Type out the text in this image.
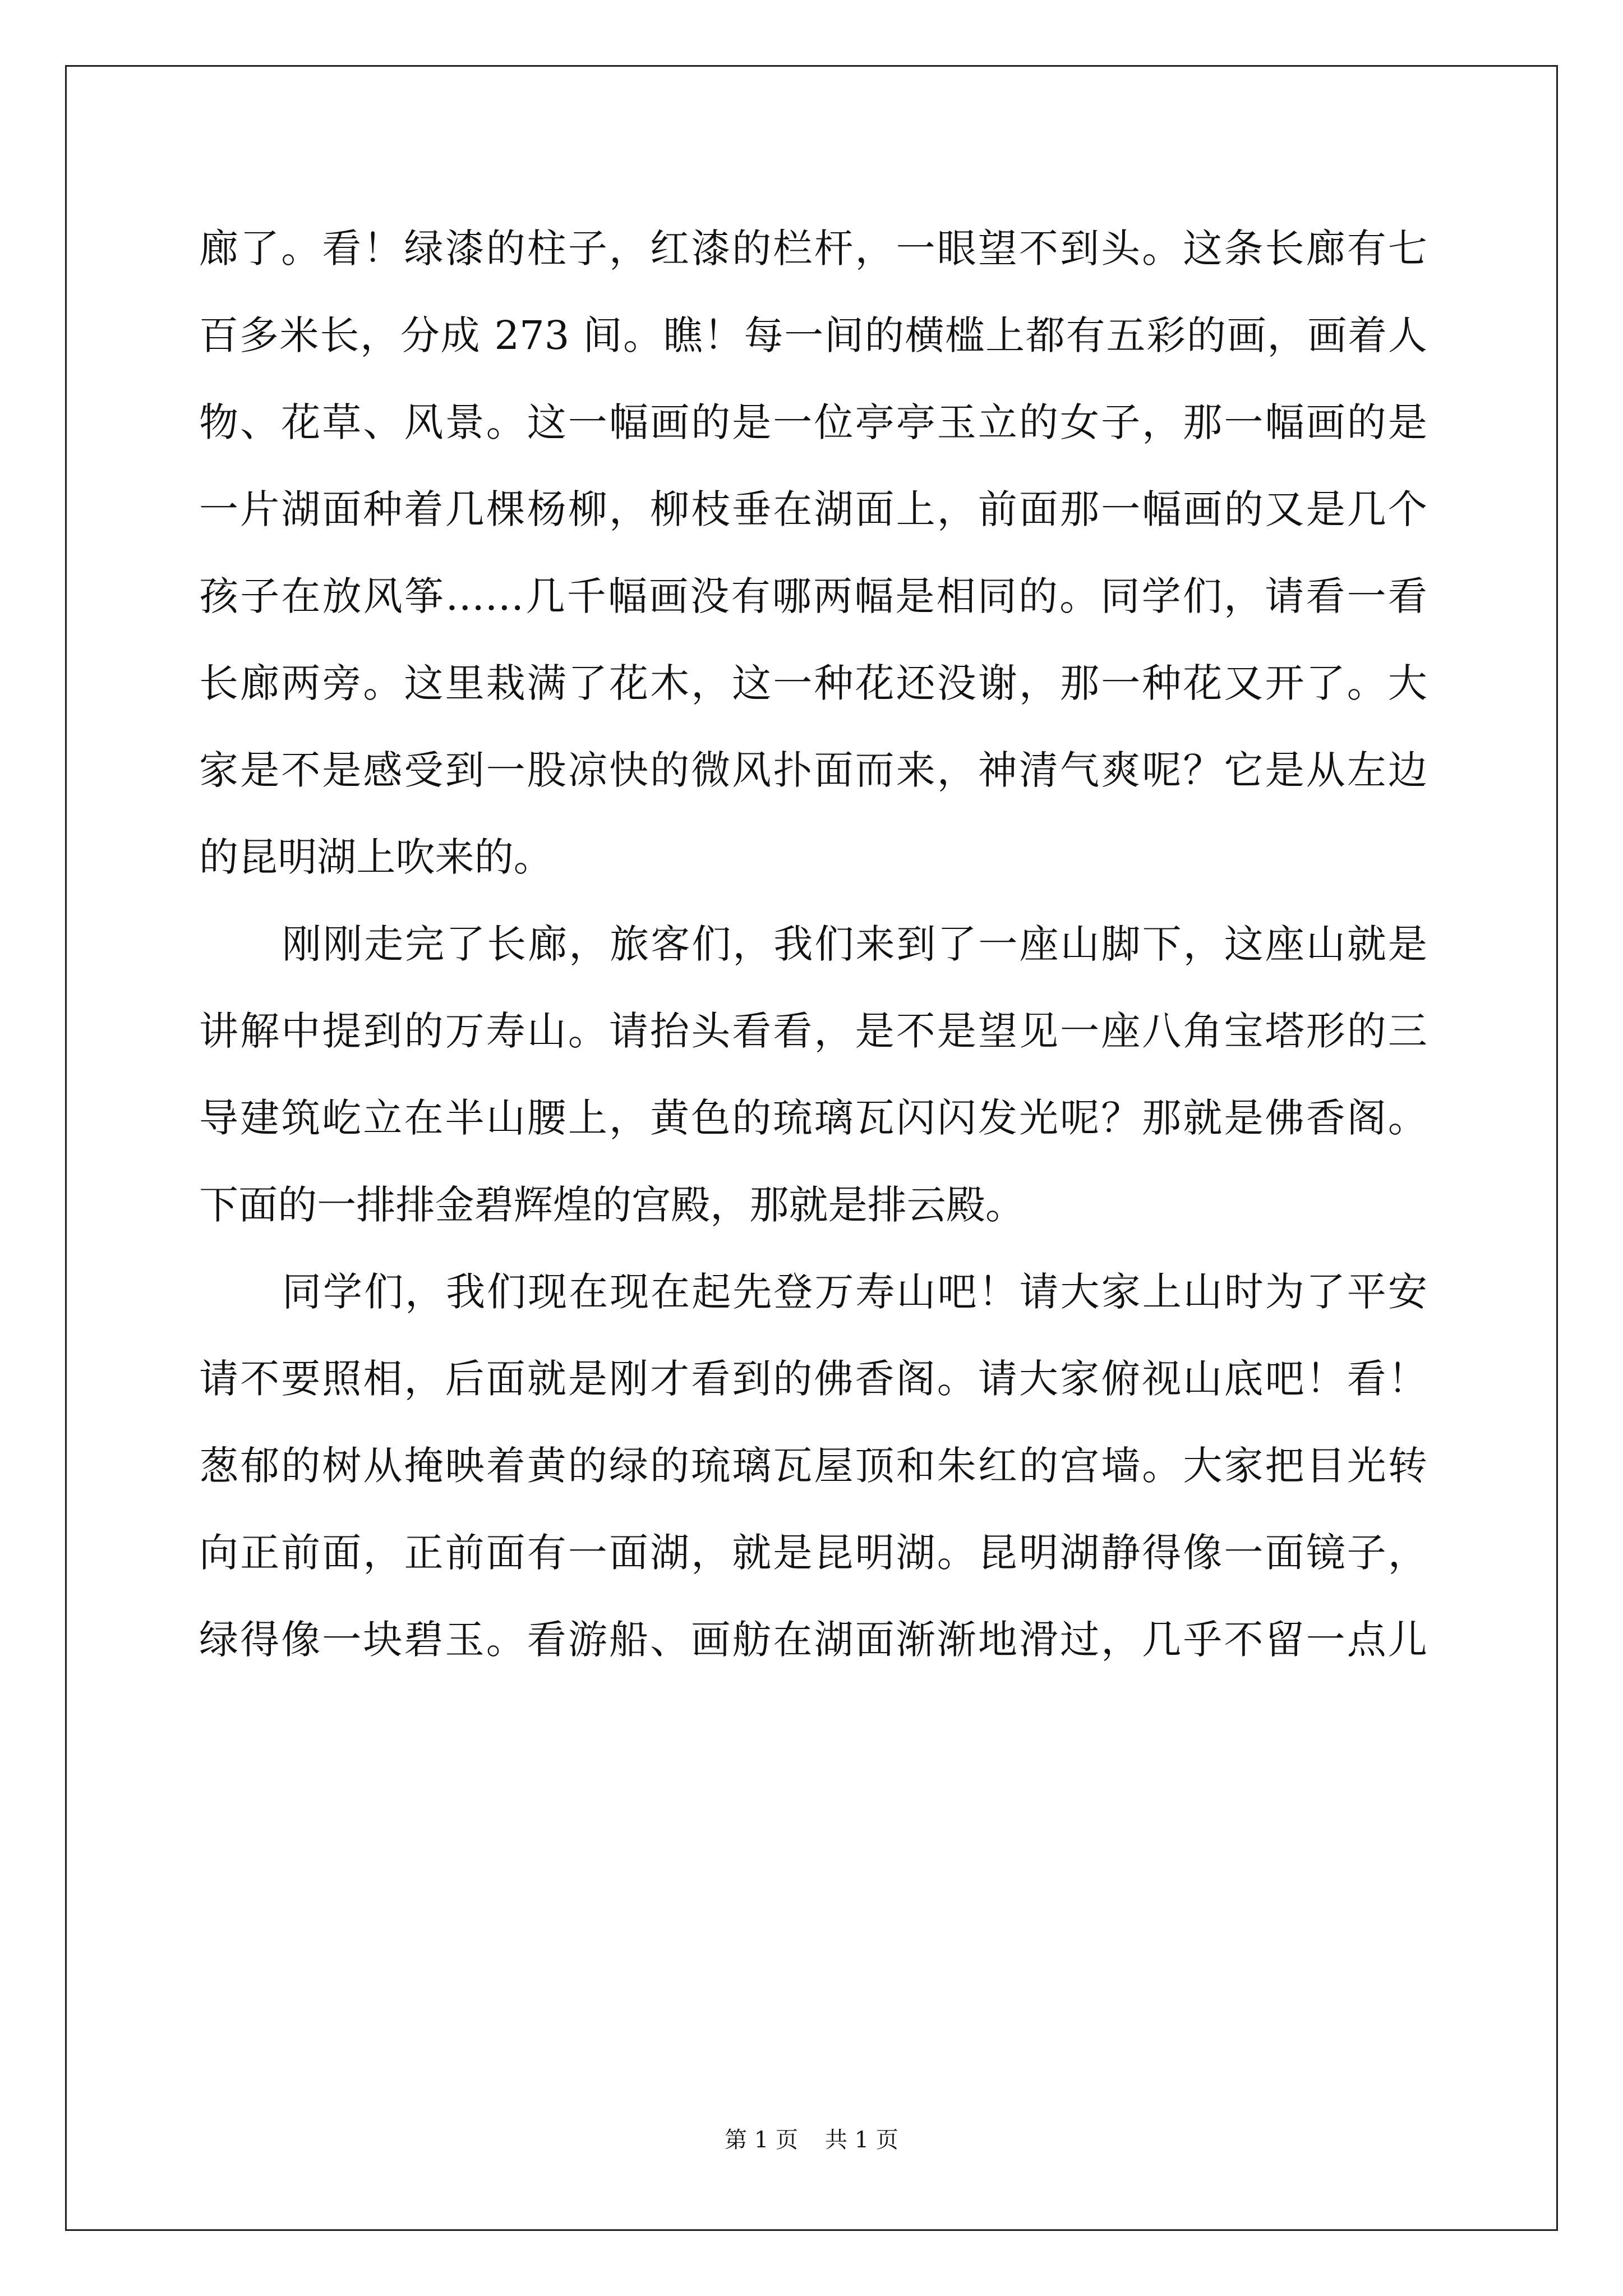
廊了。看！绿漆的柱子，红漆的栏杆，一眼望不到头。这条长廊有七
百多米长，分成 273 间。瞧！每一间的横槛上都有五彩的画，画着人
物、花草、风景。这一幅画的是一位亭亭玉立的女子，那一幅画的是
一片湖面种着几棵杨柳，柳枝垂在湖面上，前面那一幅画的又是几个
孩子在放风筝……几千幅画没有哪两幅是相同的。同学们，请看一看
长廊两旁。这里栽满了花木，这一种花还没谢，那一种花又开了。大
家是不是感受到一股凉快的微风扑面而来，神清气爽呢？它是从左边
的昆明湖上吹来的。
刚刚走完了长廊，旅客们，我们来到了一座山脚下，这座山就是
讲解中提到的万寿山。请抬头看看，是不是望见一座八角宝塔形的三
导建筑屹立在半山腰上，黄色的琉璃瓦闪闪发光呢？那就是佛香阁。
下面的一排排金碧辉煌的宫殿，那就是排云殿。
同学们，我们现在现在起先登万寿山吧！请大家上山时为了平安
请不要照相，后面就是刚才看到的佛香阁。请大家俯视山底吧！看！
葱郁的树从掩映着黄的绿的琉璃瓦屋顶和朱红的宫墙。大家把目光转
向正前面，正前面有一面湖，就是昆明湖。昆明湖静得像一面镜子，
绿得像一块碧玉。看游船、画舫在湖面渐渐地滑过，几乎不留一点儿
第 1 页 共 1 页
